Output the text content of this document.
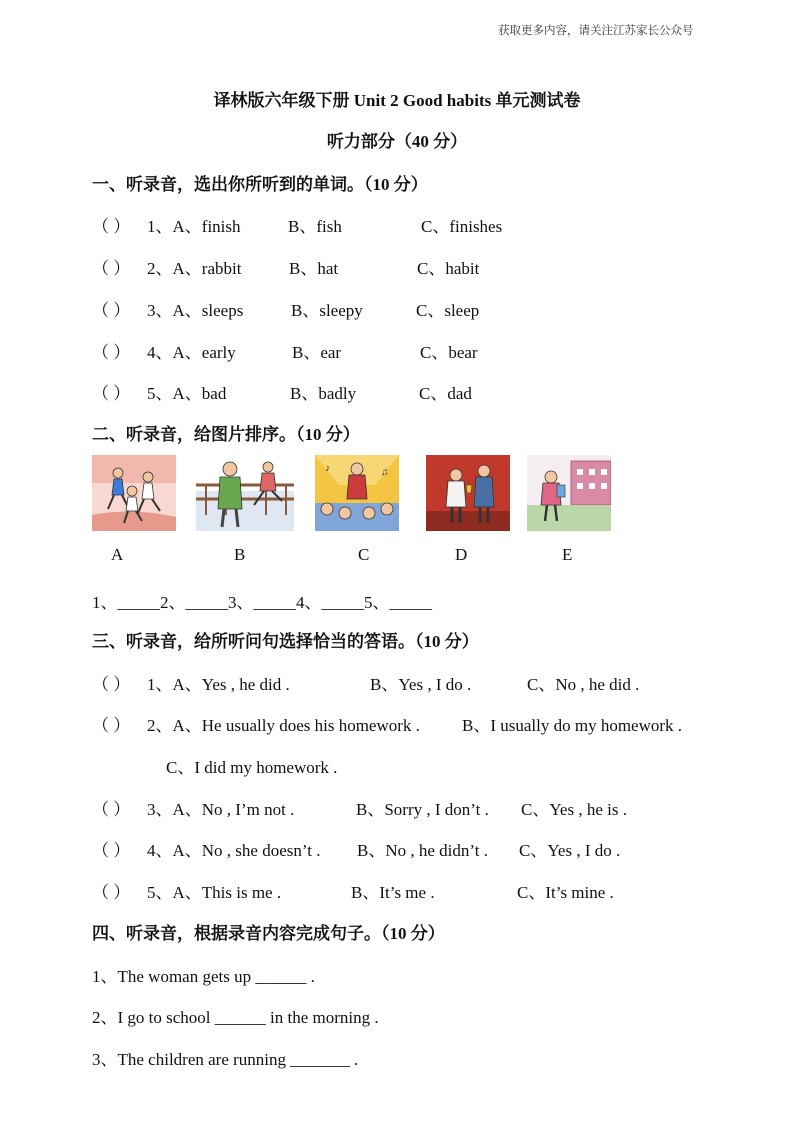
获取更多内容，请关注江苏家长公众号
译林版六年级下册 Unit 2 Good habits 单元测试卷
听力部分（40 分）
一、听录音，选出你所听到的单词。（10 分）
（ ） 1、A、finish	B、fish	C、finishes
（ ） 2、A、rabbit	B、hat	C、habit
（ ） 3、A、sleeps	B、sleepy	C、sleep
（ ） 4、A、early	B、ear	C、bear
（ ） 5、A、bad	B、badly	C、dad
二、听录音，给图片排序。（10 分）
♪	♫
A	B	C	D	E
1、_____2、_____3、_____4、_____5、_____
三、听录音，给所听问句选择恰当的答语。（10 分）
（ ） 1、A、Yes , he did .	B、Yes , I do .	C、No , he did .
（ ） 2、A、He usually does his homework . B、I usually do my homework .
C、I did my homework .
（ ） 3、A、No , I’m not .	B、Sorry , I don’t . C、Yes , he is .
（ ） 4、A、No , she doesn’t . B、No , he didn’t . C、Yes , I do .
（ ） 5、A、This is me .	B、It’s me .	C、It’s mine .
四、听录音，根据录音内容完成句子。（10 分）
1、The woman gets up ______ .
2、I go to school ______ in the morning .
3、The children are running _______ .
